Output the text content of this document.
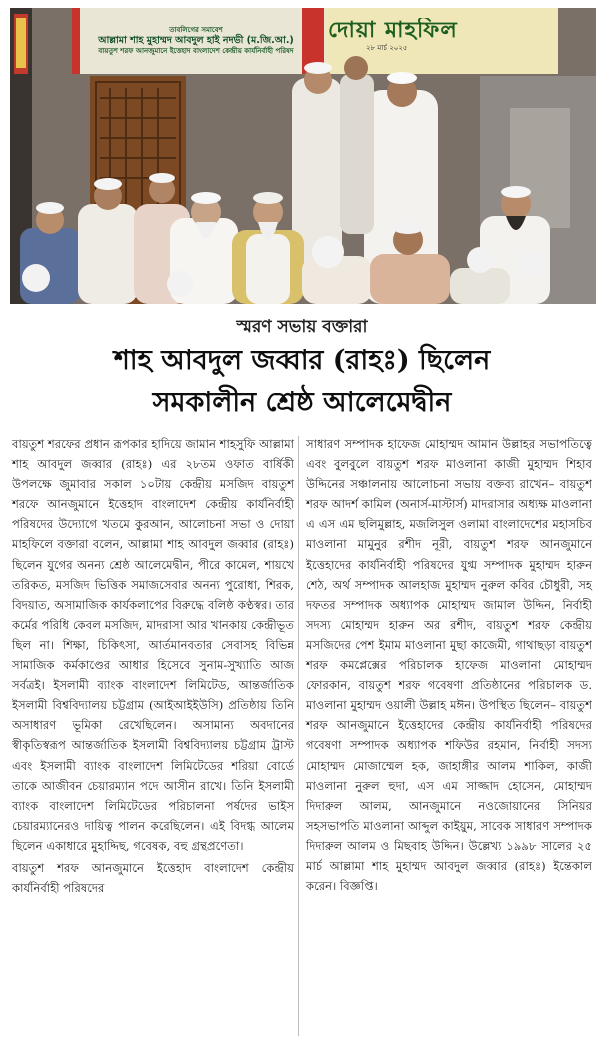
তাবলিগের সমাবেশ
আল্লামা শাহ মুহাম্মদ আবদুল হাই নদভী (ম.জি.আ.)
বায়তুশ শরফ আনজুমানে ইত্তেহাদ বাংলাদেশ কেন্দ্রীয় কার্যনির্বাহী পরিষদ
দোয়া মাহফিল
২৮ মার্চ ২০২৫
স্মরণ সভায় বক্তারা
শাহ আবদুল জব্বার (রাহঃ) ছিলেন
সমকালীন শ্রেষ্ঠ আলেমেদ্বীন

বায়তুশ শরফের প্রধান রূপকার হাদিয়ে জামান শাহসুফি আল্লামা শাহ আবদুল জব্বার (রাহঃ) এর ২৮তম ওফাত বার্ষিকী উপলক্ষে জুমাবার সকাল ১০টায় কেন্দ্রীয় মসজিদ বায়তুশ শরফে আনজুমানে ইত্তেহাদ বাংলাদেশ কেন্দ্রীয় কার্যনির্বাহী পরিষদের উদ্যোগে খতমে কুরআন, আলোচনা সভা ও দোয়া মাহফিলে বক্তারা বলেন, আল্লামা শাহ আবদুল জব্বার (রাহঃ) ছিলেন যুগের অনন্য শ্রেষ্ঠ আলেমেদ্বীন, পীরে কামেল, শায়খে তরিকত, মসজিদ ভিত্তিক সমাজসেবার অনন্য পুরোধা, শিরক, বিদয়াত, অসামাজিক কার্যকলাপের বিরুদ্ধে বলিষ্ঠ কণ্ঠস্বর। তার কর্মের পরিধি কেবল মসজিদ, মাদরাসা আর খানকায় কেন্দ্রীভূত ছিল না। শিক্ষা, চিকিৎসা, আর্তমানবতার সেবাসহ বিভিন্ন সামাজিক কর্মকাণ্ডের আধার হিসেবে সুনাম-সুখ্যাতি আজ সর্বত্রই। ইসলামী ব্যাংক বাংলাদেশ লিমিটেড, আন্তর্জাতিক ইসলামী বিশ্ববিদ্যালয় চট্টগ্রাম (আইআইইউসি) প্রতিষ্ঠায় তিনি অসাধারণ ভূমিকা রেখেছিলেন। অসামান্য অবদানের স্বীকৃতিস্বরূপ আন্তর্জাতিক ইসলামী বিশ্ববিদ্যালয় চট্টগ্রাম ট্রাস্ট এবং ইসলামী ব্যাংক বাংলাদেশ লিমিটেডের শরিয়া বোর্ডে তাকে আজীবন চেয়ারম্যান পদে আসীন রাখে। তিনি ইসলামী ব্যাংক বাংলাদেশ লিমিটেডের পরিচালনা পর্ষদের ভাইস চেয়ারম্যানেরও দায়িত্ব পালন করেছিলেন। এই বিদগ্ধ আলেম ছিলেন একাধারে মুহাদ্দিছ, গবেষক, বহু গ্রন্থপ্রণেতা।

বায়তুশ শরফ আনজুমানে ইত্তেহাদ বাংলাদেশ কেন্দ্রীয় কার্যনির্বাহী পরিষদের

সাধারণ সম্পাদক হাফেজ মোহাম্মদ আমান উল্লাহর সভাপতিত্বে এবং বুলবুলে বায়তুশ শরফ মাওলানা কাজী মুহাম্মদ শিহাব উদ্দিনের সঞ্চালনায় আলোচনা সভায় বক্তব্য রাখেন– বায়তুশ শরফ আদর্শ কামিল (অনার্স-মাস্টার্স) মাদরাসার অধ্যক্ষ মাওলানা এ এস এম ছলিমুল্লাহ, মজলিসুল ওলামা বাংলাদেশের মহাসচিব মাওলানা মামুনুর রশীদ নূরী, বায়তুশ শরফ আনজুমানে ইত্তেহাদের কার্যনির্বাহী পরিষদের যুগ্ম সম্পাদক মুহাম্মদ হারুন শেঠ, অর্থ সম্পাদক আলহাজ মুহাম্মদ নুরুল কবির চৌধুরী, সহ দফতর সম্পাদক অধ্যাপক মোহাম্মদ জামাল উদ্দিন, নির্বাহী সদস্য মোহাম্মদ হারুন অর রশীদ, বায়তুশ শরফ কেন্দ্রীয় মসজিদের পেশ ইমাম মাওলানা মুছা কাজেমী, গাথাছড়া বায়তুশ শরফ কমপ্লেক্সের পরিচালক হাফেজ মাওলানা মোহাম্মদ ফোরকান, বায়তুশ শরফ গবেষণা প্রতিষ্ঠানের পরিচালক ড. মাওলানা মুহাম্মদ ওয়ালী উল্লাহ মঈন। উপস্থিত ছিলেন– বায়তুশ শরফ আনজুমানে ইত্তেহাদের কেন্দ্রীয় কার্যনির্বাহী পরিষদের গবেষণা সম্পাদক অধ্যাপক শফিউর রহমান, নির্বাহী সদস্য মোহাম্মদ মোজাম্মেল হক, জাহাঙ্গীর আলম শাকিল, কাজী মাওলানা নুরুল হুদা, এস এম সাজ্জাদ হোসেন, মোহাম্মদ দিদারুল আলম, আনজুমানে নওজোয়ানের সিনিয়র সহসভাপতি মাওলানা আব্দুল কাইয়ুম, সাবেক সাধারণ সম্পাদক দিদারুল আলম ও মিছবাহ উদ্দিন। উল্লেখ্য ১৯৯৮ সালের ২৫ মার্চ আল্লামা শাহ মুহাম্মদ আবদুল জব্বার (রাহঃ) ইন্তেকাল করেন। বিজ্ঞপ্তি।
